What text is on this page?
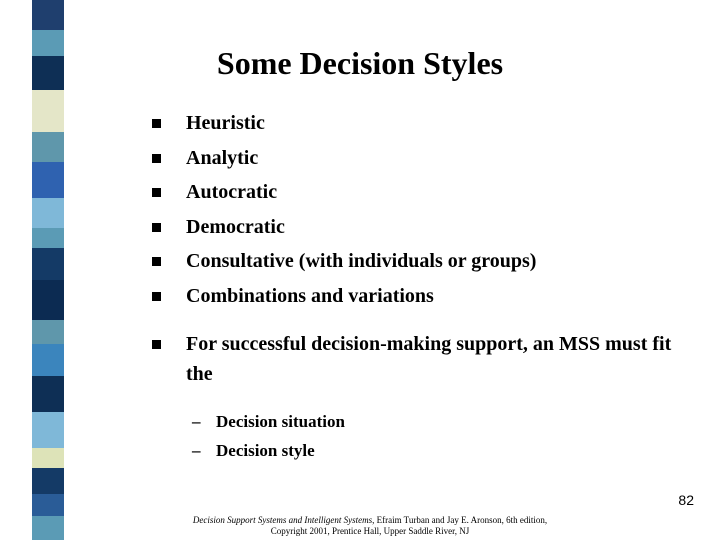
Some Decision Styles
Heuristic
Analytic
Autocratic
Democratic
Consultative (with individuals or groups)
Combinations and variations
For successful decision-making support, an MSS must fit the
– Decision situation
– Decision style
82
Decision Support Systems and Intelligent Systems, Efraim Turban and Jay E. Aronson, 6th edition,
Copyright 2001, Prentice Hall, Upper Saddle River, NJ
